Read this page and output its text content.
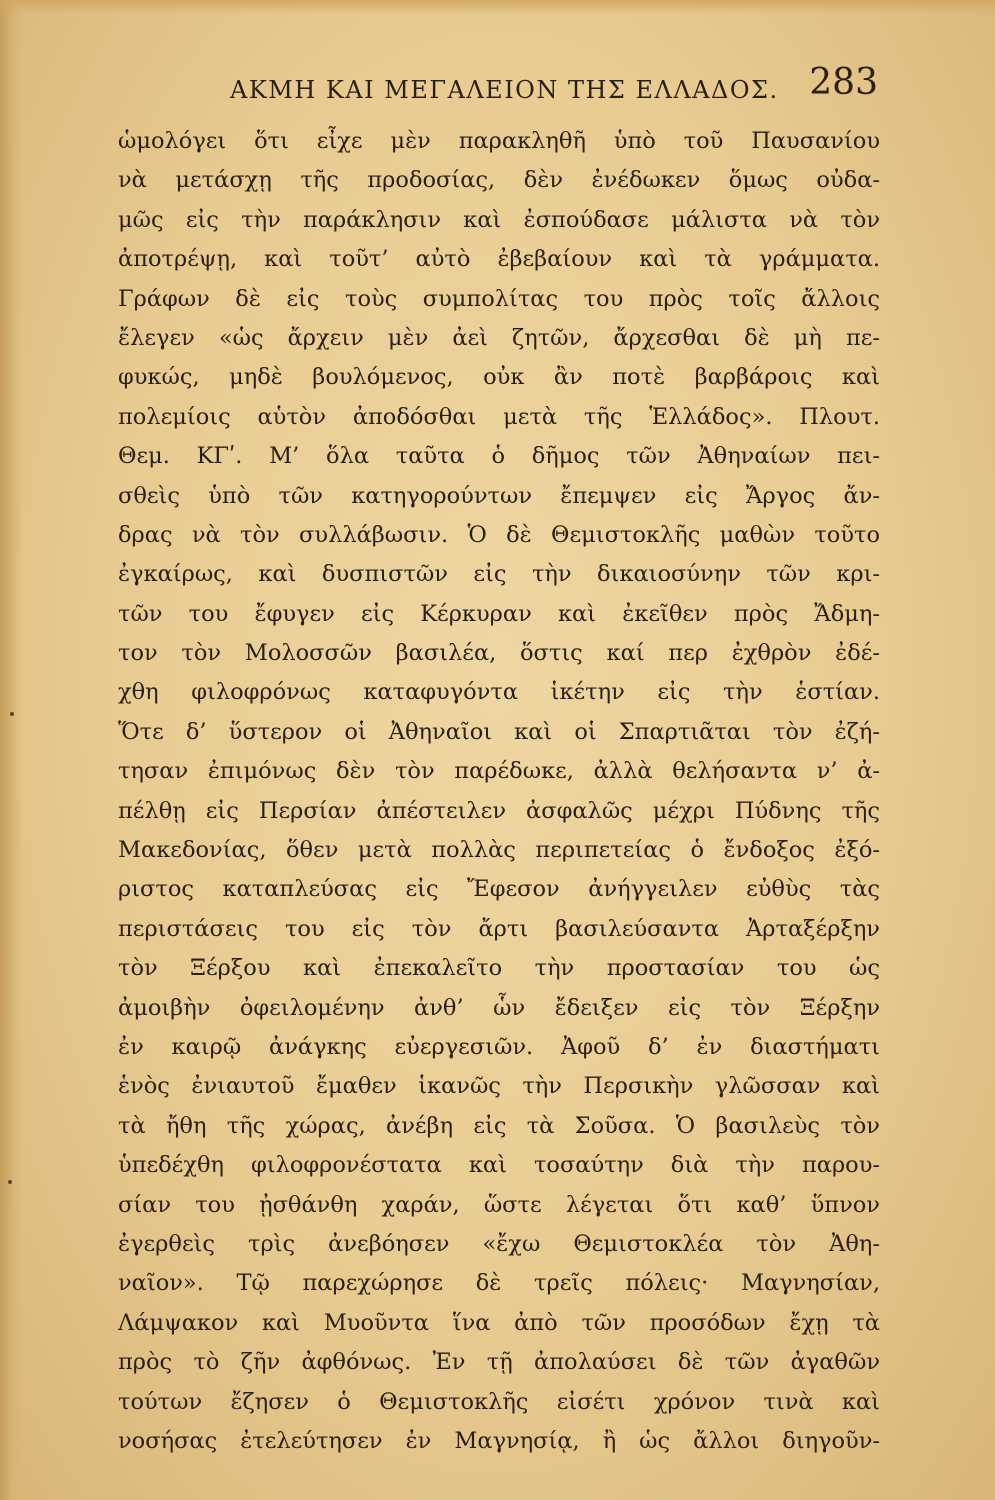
ΑΚΜΗ ΚΑΙ ΜΕΓΑΛΕΙΟΝ ΤΗΣ ΕΛΛΑΔΟΣ. 283
ὡμολόγει ὅτι εἶχε μὲν παρακληθῆ ὑπὸ τοῦ Παυσανίου
νὰ μετάσχῃ τῆς προδοσίας, δὲν ἐνέδωκεν ὅμως οὐδα-
μῶς εἰς τὴν παράκλησιν καὶ ἐσπούδασε μάλιστα νὰ τὸν
ἀποτρέψῃ, καὶ τοῦτ’ αὐτὸ ἐβεβαίουν καὶ τὰ γράμματα.
Γράφων δὲ εἰς τοὺς συμπολίτας του πρὸς τοῖς ἄλλοις
ἔλεγεν «ὡς ἄρχειν μὲν ἀεὶ ζητῶν, ἄρχεσθαι δὲ μὴ πε-
φυκώς, μηδὲ βουλόμενος, οὐκ ἂν ποτὲ βαρβάροις καὶ
πολεμίοις αὑτὸν ἀποδόσθαι μετὰ τῆς Ἑλλάδος». Πλουτ.
Θεμ. ΚΓʹ. Μ’ ὅλα ταῦτα ὁ δῆμος τῶν Ἀθηναίων πει-
σθεὶς ὑπὸ τῶν κατηγορούντων ἔπεμψεν εἰς Ἄργος ἄν-
δρας νὰ τὸν συλλάβωσιν. Ὁ δὲ Θεμιστοκλῆς μαθὼν τοῦτο
ἐγκαίρως, καὶ δυσπιστῶν εἰς τὴν δικαιοσύνην τῶν κρι-
τῶν του ἔφυγεν εἰς Κέρκυραν καὶ ἐκεῖθεν πρὸς Ἄδμη-
τον τὸν Μολοσσῶν βασιλέα, ὅστις καί περ ἐχθρὸν ἐδέ-
χθη φιλοφρόνως καταφυγόντα ἱκέτην εἰς τὴν ἑστίαν.
Ὅτε δ’ ὕστερον οἱ Ἀθηναῖοι καὶ οἱ Σπαρτιᾶται τὸν ἐζή-
τησαν ἐπιμόνως δὲν τὸν παρέδωκε, ἀλλὰ θελήσαντα ν’ ἀ-
πέλθῃ εἰς Περσίαν ἀπέστειλεν ἀσφαλῶς μέχρι Πύδνης τῆς
Μακεδονίας, ὅθεν μετὰ πολλὰς περιπετείας ὁ ἔνδοξος ἐξό-
ριστος καταπλεύσας εἰς Ἔφεσον ἀνήγγειλεν εὐθὺς τὰς
περιστάσεις του εἰς τὸν ἄρτι βασιλεύσαντα Ἀρταξέρξην
τὸν Ξέρξου καὶ ἐπεκαλεῖτο τὴν προστασίαν του ὡς
ἀμοιβὴν ὀφειλομένην ἀνθ’ ὧν ἔδειξεν εἰς τὸν Ξέρξην
ἐν καιρῷ ἀνάγκης εὐεργεσιῶν. Ἀφοῦ δ’ ἐν διαστήματι
ἑνὸς ἐνιαυτοῦ ἔμαθεν ἱκανῶς τὴν Περσικὴν γλῶσσαν καὶ
τὰ ἤθη τῆς χώρας, ἀνέβη εἰς τὰ Σοῦσα. Ὁ βασιλεὺς τὸν
ὑπεδέχθη φιλοφρονέστατα καὶ τοσαύτην διὰ τὴν παρου-
σίαν του ᾐσθάνθη χαράν, ὥστε λέγεται ὅτι καθ’ ὕπνον
ἐγερθεὶς τρὶς ἀνεβόησεν «ἔχω Θεμιστοκλέα τὸν Ἀθη-
ναῖον». Τῷ παρεχώρησε δὲ τρεῖς πόλεις· Μαγνησίαν,
Λάμψακον καὶ Μυοῦντα ἵνα ἀπὸ τῶν προσόδων ἔχῃ τὰ
πρὸς τὸ ζῆν ἀφθόνως. Ἐν τῇ ἀπολαύσει δὲ τῶν ἀγαθῶν
τούτων ἔζησεν ὁ Θεμιστοκλῆς εἰσέτι χρόνον τινὰ καὶ
νοσήσας ἐτελεύτησεν ἐν Μαγνησίᾳ, ἢ ὡς ἄλλοι διηγοῦν-
